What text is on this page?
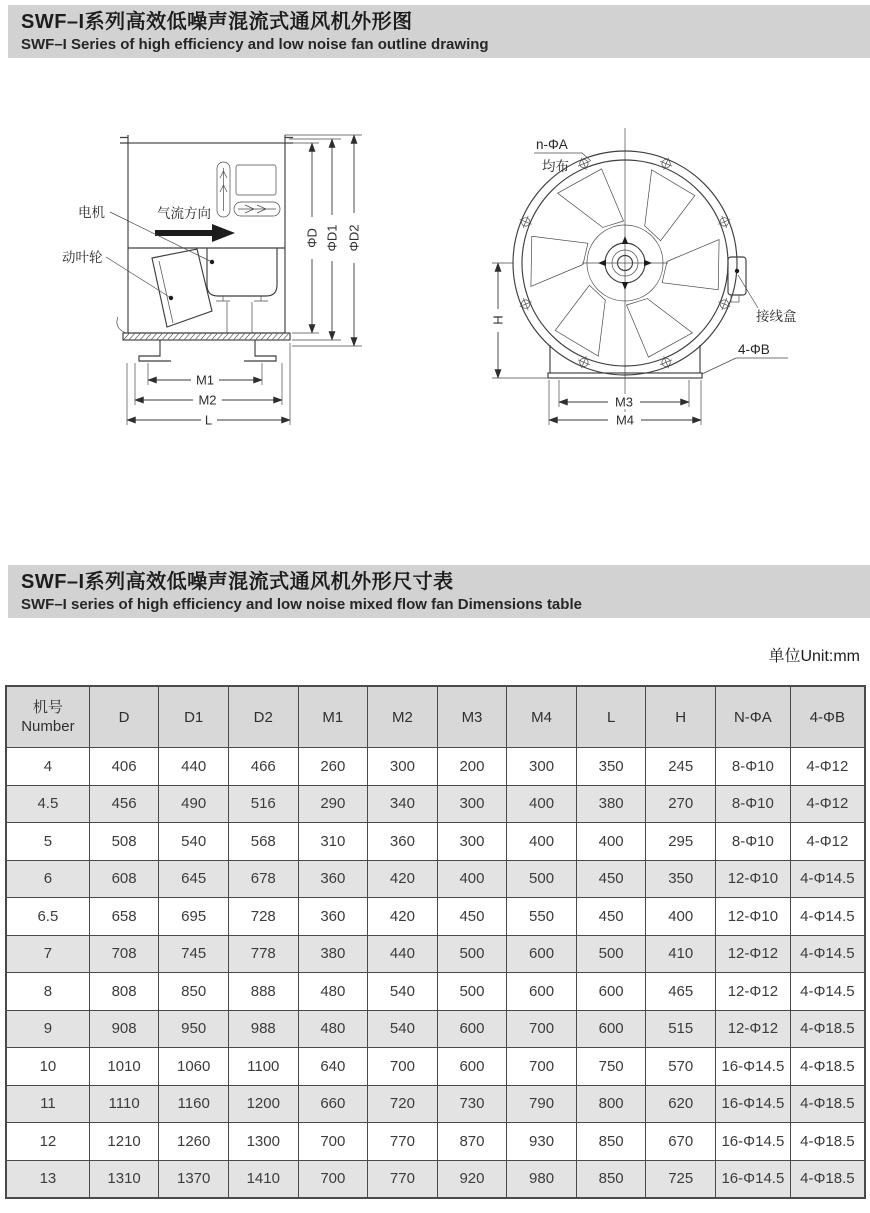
SWF–I系列高效低噪声混流式通风机外形图
SWF–I Series of high efficiency and low noise fan outline drawing
气流方向
电机
动叶轮
M1
M2
L
ΦD ΦD1 ΦD2
接线盒
H
M3
M4
n-ΦA
均布
4-ΦB
SWF–I系列高效低噪声混流式通风机外形尺寸表
SWF–I series of high efficiency and low noise mixed flow fan Dimensions table
单位Unit:mm
机号
Number	D	D1	D2	M1	M2	M3	M4	L	H	N-ΦA	4-ΦB
4	406	440	466	260	300	200	300	350	245	8-Φ10	4-Φ12
4.5	456	490	516	290	340	300	400	380	270	8-Φ10	4-Φ12
5	508	540	568	310	360	300	400	400	295	8-Φ10	4-Φ12
6	608	645	678	360	420	400	500	450	350	12-Φ10	4-Φ14.5
6.5	658	695	728	360	420	450	550	450	400	12-Φ10	4-Φ14.5
7	708	745	778	380	440	500	600	500	410	12-Φ12	4-Φ14.5
8	808	850	888	480	540	500	600	600	465	12-Φ12	4-Φ14.5
9	908	950	988	480	540	600	700	600	515	12-Φ12	4-Φ18.5
10	1010	1060	1100	640	700	600	700	750	570	16-Φ14.5	4-Φ18.5
11	1110	1160	1200	660	720	730	790	800	620	16-Φ14.5	4-Φ18.5
12	1210	1260	1300	700	770	870	930	850	670	16-Φ14.5	4-Φ18.5
13	1310	1370	1410	700	770	920	980	850	725	16-Φ14.5	4-Φ18.5
